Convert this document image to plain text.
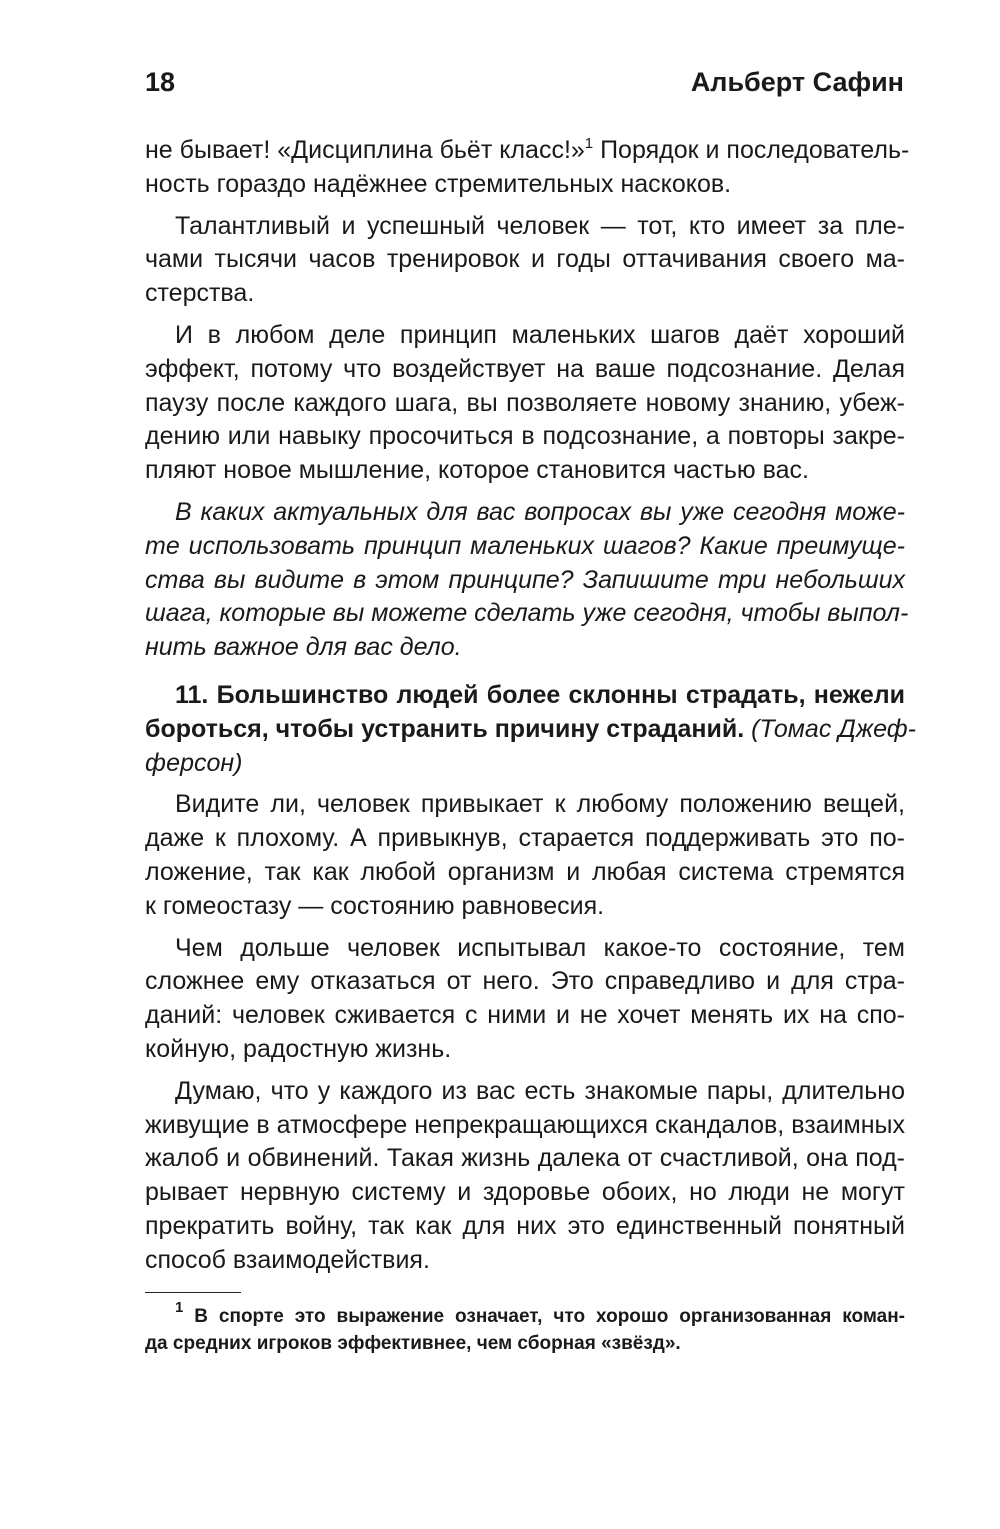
18	Альберт Сафин
не бывает! «Дисциплина бьёт класс!»$^1$ Порядок и последователь-
ность гораздо надёжнее стремительных наскоков.
Талантливый и успешный человек — тот, кто имеет за пле-
чами тысячи часов тренировок и годы оттачивания своего ма-
стерства.
И в любом деле принцип маленьких шагов даёт хороший
эффект, потому что воздействует на ваше подсознание. Делая
паузу после каждого шага, вы позволяете новому знанию, убеж-
дению или навыку просочиться в подсознание, а повторы закре-
пляют новое мышление, которое становится частью вас.
В каких актуальных для вас вопросах вы уже сегодня може-
те использовать принцип маленьких шагов? Какие преимуще-
ства вы видите в этом принципе? Запишите три небольших
шага, которые вы можете сделать уже сегодня, чтобы выпол-
нить важное для вас дело.
11. Большинство людей более склонны страдать, нежели
бороться, чтобы устранить причину страданий. (Томас Джеф-
ферсон)
Видите ли, человек привыкает к любому положению вещей,
даже к плохому. А привыкнув, старается поддерживать это по-
ложение, так как любой организм и любая система стремятся
к гомеостазу — состоянию равновесия.
Чем дольше человек испытывал какое-то состояние, тем
сложнее ему отказаться от него. Это справедливо и для стра-
даний: человек сживается с ними и не хочет менять их на спо-
койную, радостную жизнь.
Думаю, что у каждого из вас есть знакомые пары, длительно
живущие в атмосфере непрекращающихся скандалов, взаимных
жалоб и обвинений. Такая жизнь далека от счастливой, она под-
рывает нервную систему и здоровье обоих, но люди не могут
прекратить войну, так как для них это единственный понятный
способ взаимодействия.
$^1$ В спорте это выражение означает, что хорошо организованная коман-
да средних игроков эффективнее, чем сборная «звёзд».
